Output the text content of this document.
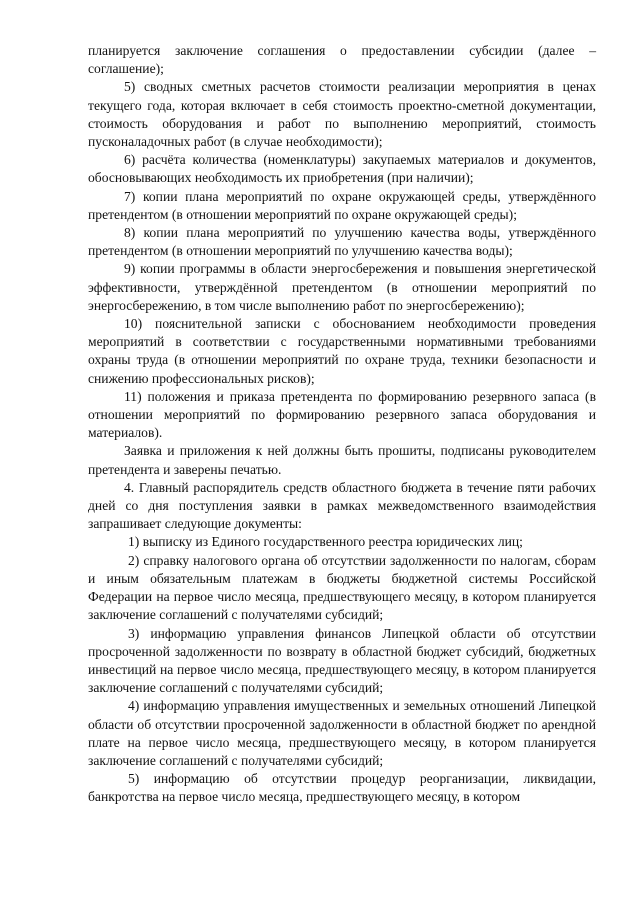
планируется заключение соглашения о предоставлении субсидии (далее – соглашение);

5) сводных сметных расчетов стоимости реализации мероприятия в ценах текущего года, которая включает в себя стоимость проектно-сметной документации, стоимость оборудования и работ по выполнению мероприятий, стоимость пусконаладочных работ (в случае необходимости);

6) расчёта количества (номенклатуры) закупаемых материалов и документов, обосновывающих необходимость их приобретения (при наличии);

7) копии плана мероприятий по охране окружающей среды, утверждённого претендентом (в отношении мероприятий по охране окружающей среды);

8) копии плана мероприятий по улучшению качества воды, утверждённого претендентом (в отношении мероприятий по улучшению качества воды);

9) копии программы в области энергосбережения и повышения энергетической эффективности, утверждённой претендентом (в отношении мероприятий по энергосбережению, в том числе выполнению работ по энергосбережению);

10) пояснительной записки с обоснованием необходимости проведения мероприятий в соответствии с государственными нормативными требованиями охраны труда (в отношении мероприятий по охране труда, техники безопасности и снижению профессиональных рисков);

11) положения и приказа претендента по формированию резервного запаса (в отношении мероприятий по формированию резервного запаса оборудования и материалов).

Заявка и приложения к ней должны быть прошиты, подписаны руководителем претендента и заверены печатью.

4. Главный распорядитель средств областного бюджета в течение пяти рабочих дней со дня поступления заявки в рамках межведомственного взаимодействия запрашивает следующие документы:

1) выписку из Единого государственного реестра юридических лиц;

2) справку налогового органа об отсутствии задолженности по налогам, сборам и иным обязательным платежам в бюджеты бюджетной системы Российской Федерации на первое число месяца, предшествующего месяцу, в котором планируется заключение соглашений с получателями субсидий;

3) информацию управления финансов Липецкой области об отсутствии просроченной задолженности по возврату в областной бюджет субсидий, бюджетных инвестиций на первое число месяца, предшествующего месяцу, в котором планируется заключение соглашений с получателями субсидий;

4) информацию управления имущественных и земельных отношений Липецкой области об отсутствии просроченной задолженности в областной бюджет по арендной плате на первое число месяца, предшествующего месяцу, в котором планируется заключение соглашений с получателями субсидий;

5) информацию об отсутствии процедур реорганизации, ликвидации, банкротства на первое число месяца, предшествующего месяцу, в котором
